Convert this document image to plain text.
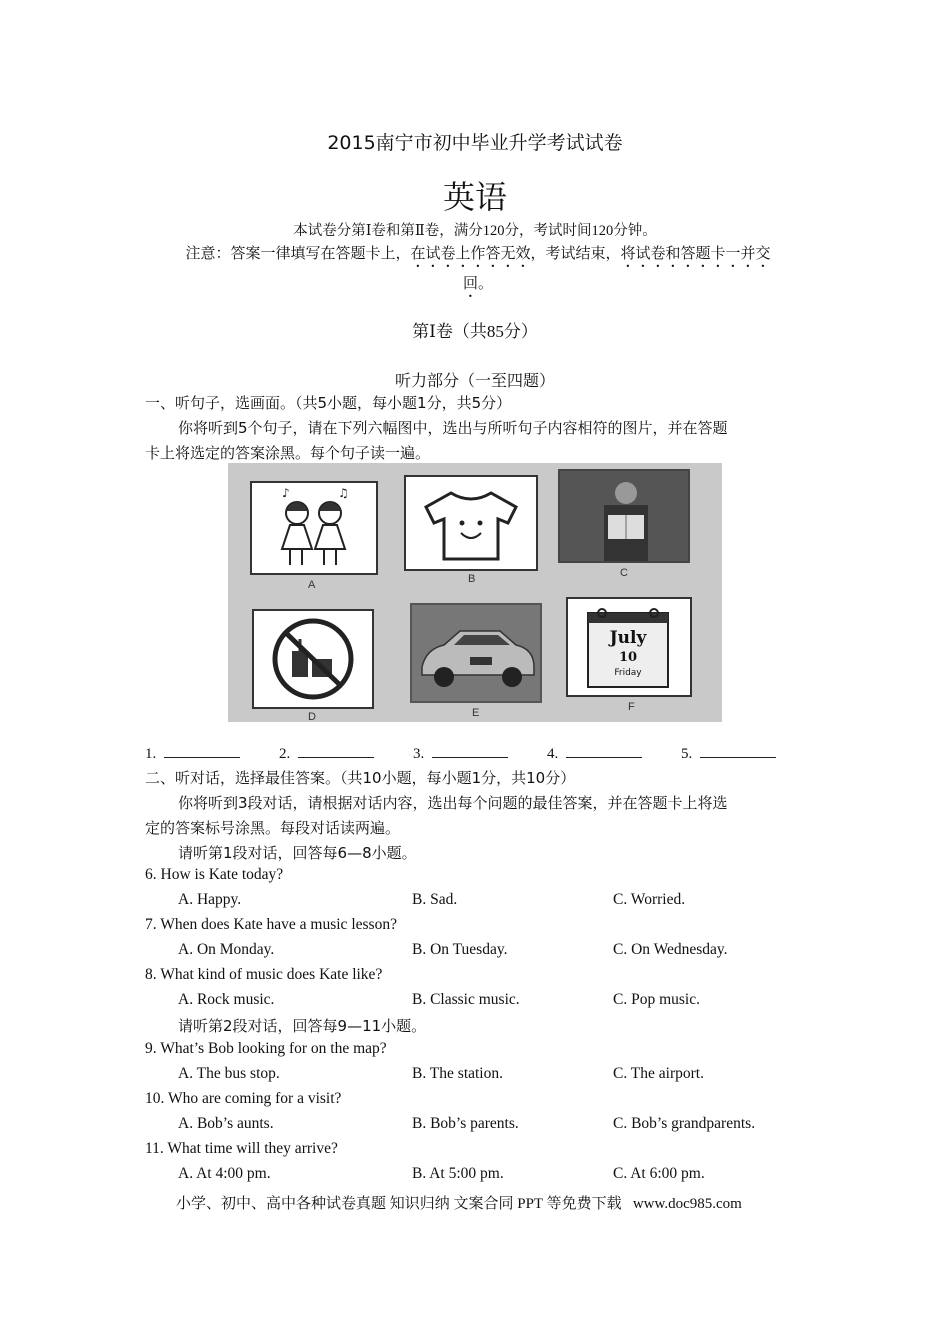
2015南宁市初中毕业升学考试试卷
英语
本试卷分第Ⅰ卷和第Ⅱ卷，满分120分，考试时间120分钟。
注意：答案一律填写在答题卡上，在试卷上作答无效，考试结束，将试卷和答题卡一并交
回。
第Ⅰ卷（共85分）
听力部分（一至四题）
一、听句子，选画面。（共5小题，每小题1分，共5分）
你将听到5个句子，请在下列六幅图中，选出与所听句子内容相符的图片，并在答题
卡上将选定的答案涂黑。每个句子读一遍。
♪	♫
A	B	C
D	E
July
10
Friday
F
1.	2.	3.	4.	5.
二、听对话，选择最佳答案。（共10小题，每小题1分，共10分）
你将听到3段对话，请根据对话内容，选出每个问题的最佳答案，并在答题卡上将选
定的答案标号涂黑。每段对话读两遍。
请听第1段对话，回答每6—8小题。
6. How is Kate today?
A. Happy.	B. Sad.	C. Worried.
7. When does Kate have a music lesson?
A. On Monday.	B. On Tuesday.	C. On Wednesday.
8. What kind of music does Kate like?
A. Rock music.	B. Classic music.	C. Pop music.
请听第2段对话，回答每9—11小题。
9. What’s Bob looking for on the map?
A. The bus stop.	B. The station.	C. The airport.
10. Who are coming for a visit?
A. Bob’s aunts.	B. Bob’s parents.	C. Bob’s grandparents.
11. What time will they arrive?
A. At 4:00 pm.	B. At 5:00 pm.	C. At 6:00 pm.
小学、初中、高中各种试卷真题 知识归纳 文案合同 PPT 等免费下载   www.doc985.com
